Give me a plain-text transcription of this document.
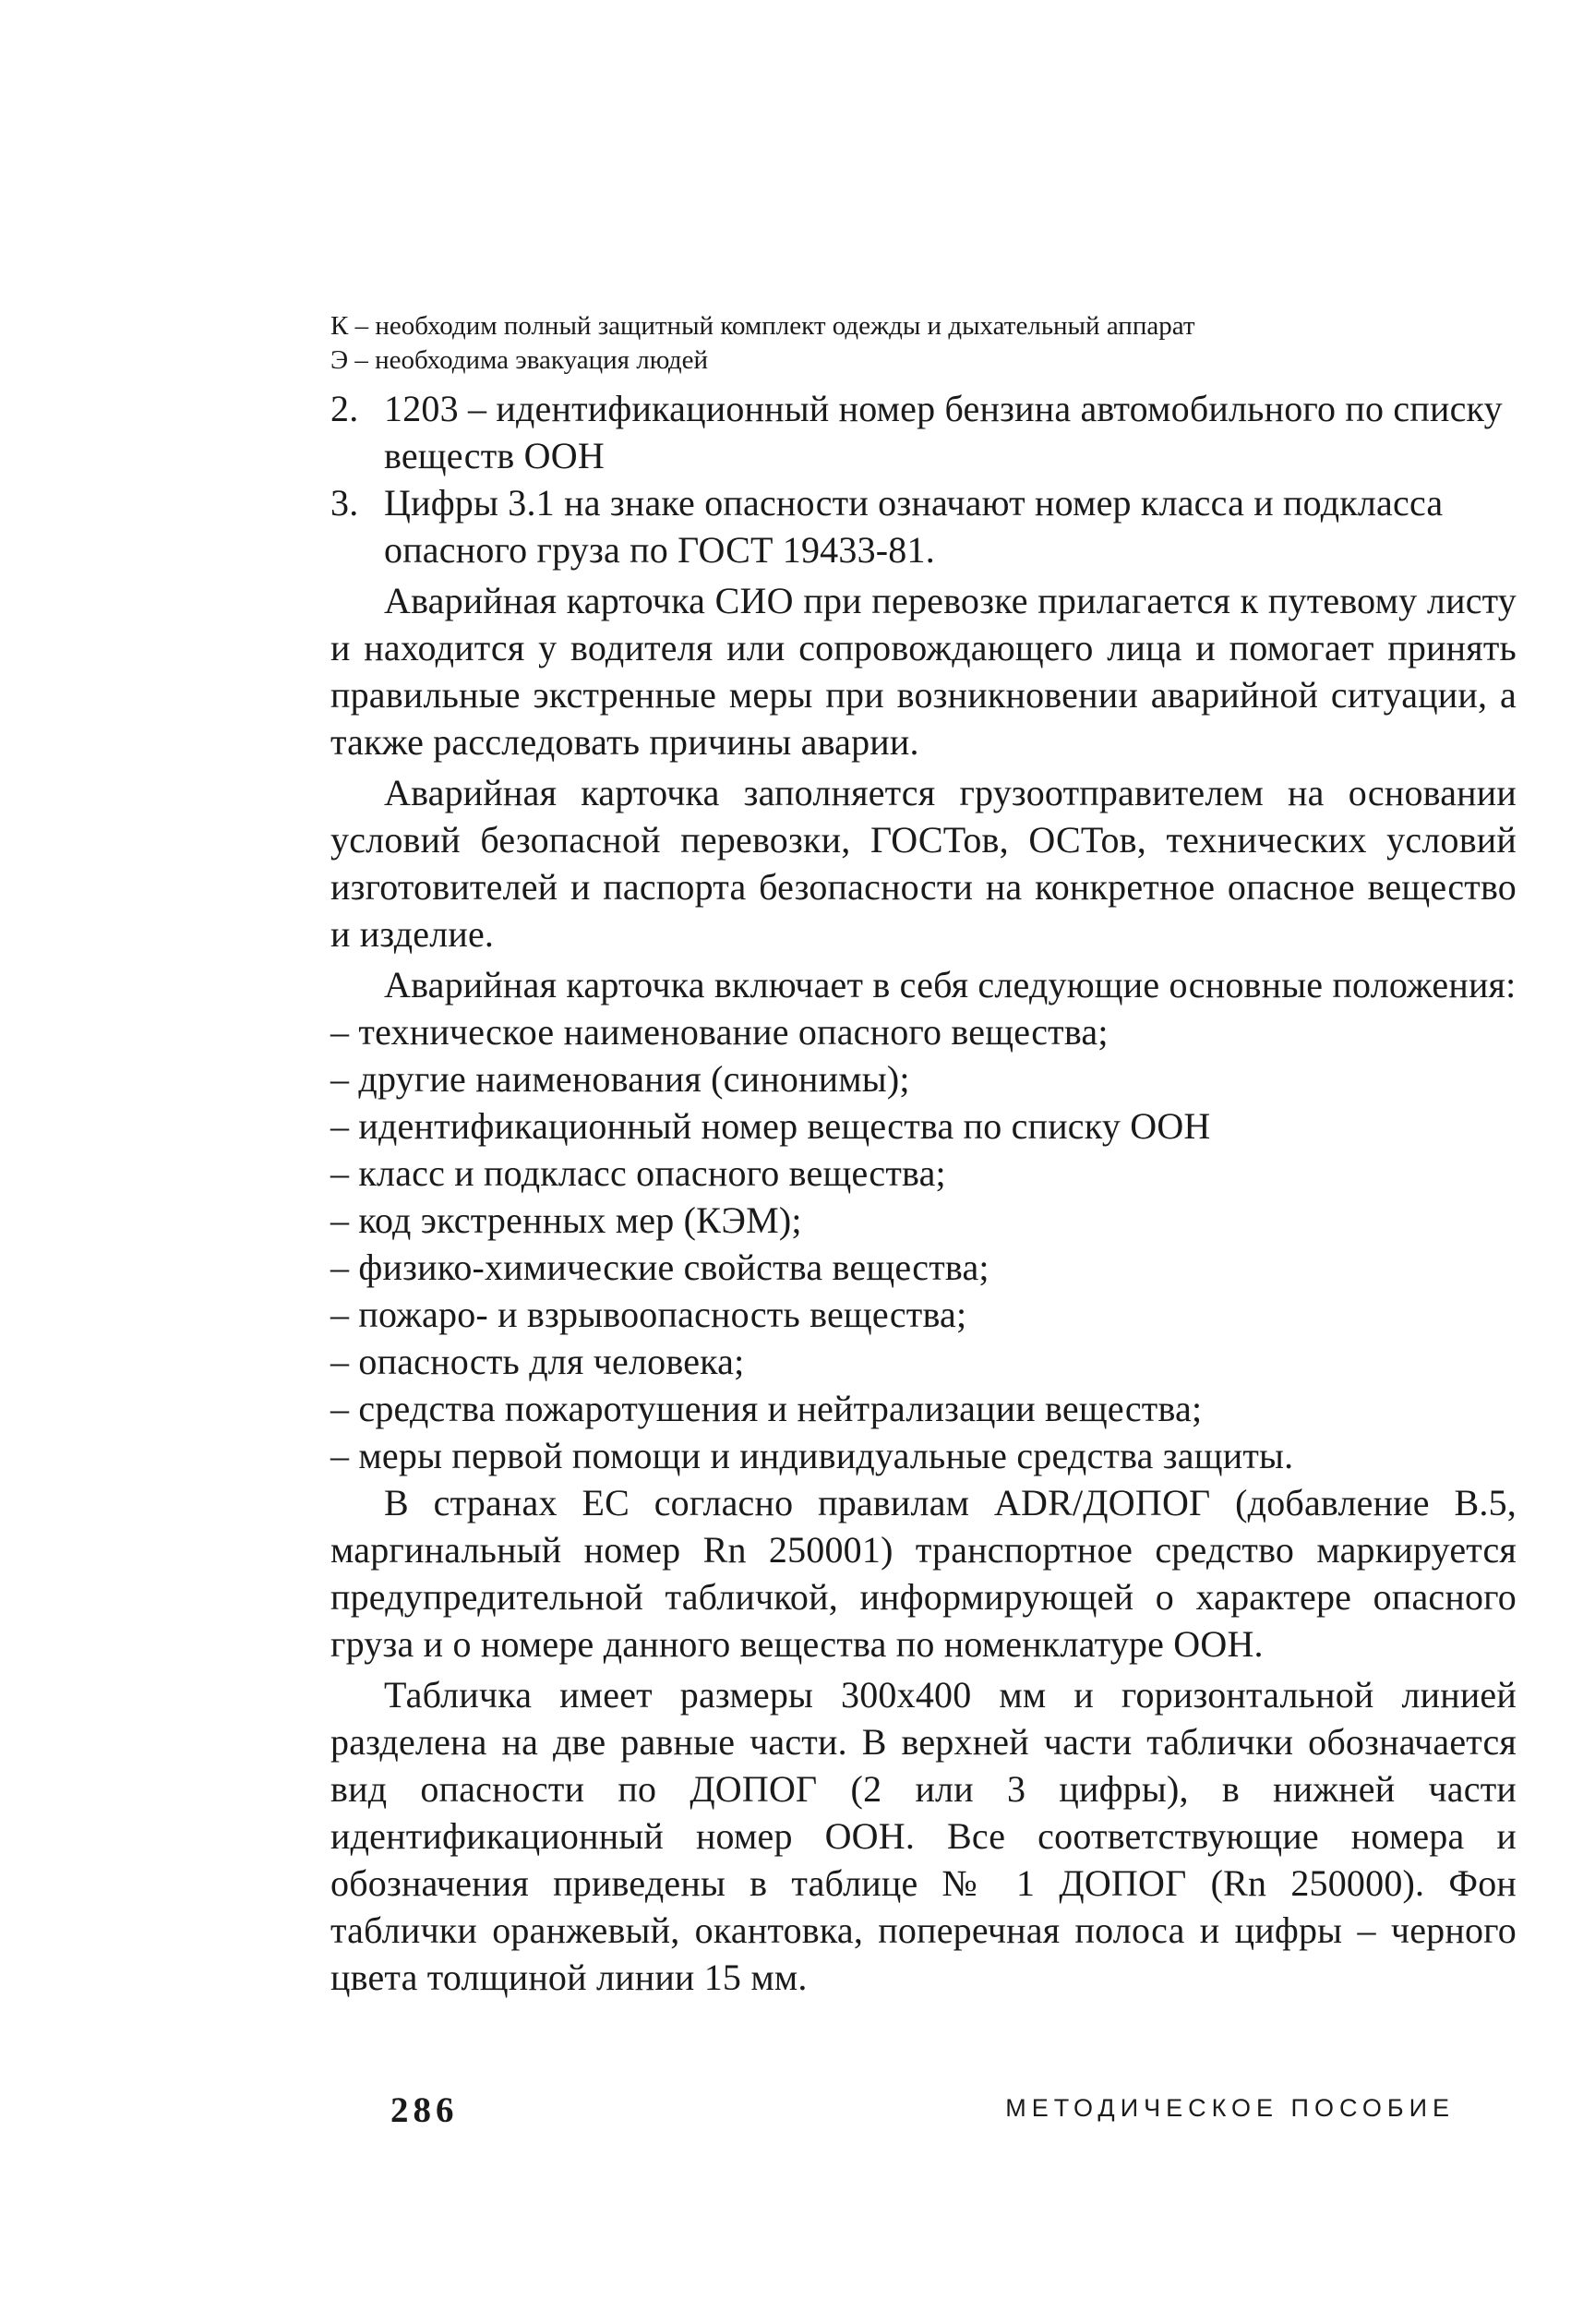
К – необходим полный защитный комплект одежды и дыхательный аппарат

Э – необходима эвакуация людей

2. 1203 – идентификационный номер бензина автомобильного по списку веществ ООН

3. Цифры 3.1 на знаке опасности означают номер класса и подкласса опасного груза по ГОСТ 19433-81.

Аварийная карточка СИО при перевозке прилагается к путевому листу и находится у водителя или сопровождающего лица и помогает принять правильные экстренные меры при возникновении аварийной ситуации, а также расследовать причины аварии.

Аварийная карточка заполняется грузоотправителем на основании условий безопасной перевозки, ГОСТов, ОСТов, технических условий изготовителей и паспорта безопасности на конкретное опасное вещество и изделие.

Аварийная карточка включает в себя следующие основные положения:

– техническое наименование опасного вещества;
– другие наименования (синонимы);
– идентификационный номер вещества по списку ООН
– класс и подкласс опасного вещества;
– код экстренных мер (КЭМ);
– физико-химические свойства вещества;
– пожаро- и взрывоопасность вещества;
– опасность для человека;
– средства пожаротушения и нейтрализации вещества;
– меры первой помощи и индивидуальные средства защиты.

В странах ЕС согласно правилам ADR/ДОПОГ (добавление В.5, маргинальный номер Rn 250001) транспортное средство маркируется предупредительной табличкой, информирующей о характере опасного груза и о номере данного вещества по номенклатуре ООН.

Табличка имеет размеры 300х400 мм и горизонтальной линией разделена на две равные части. В верхней части таблички обозначается вид опасности по ДОПОГ (2 или 3 цифры), в нижней части идентификационный номер ООН. Все соответствующие номера и обозначения приведены в таблице № 1 ДОПОГ (Rn 250000). Фон таблички оранжевый, окантовка, поперечная полоса и цифры – черного цвета толщиной линии 15 мм.

286	МЕТОДИЧЕСКОЕ ПОСОБИЕ
